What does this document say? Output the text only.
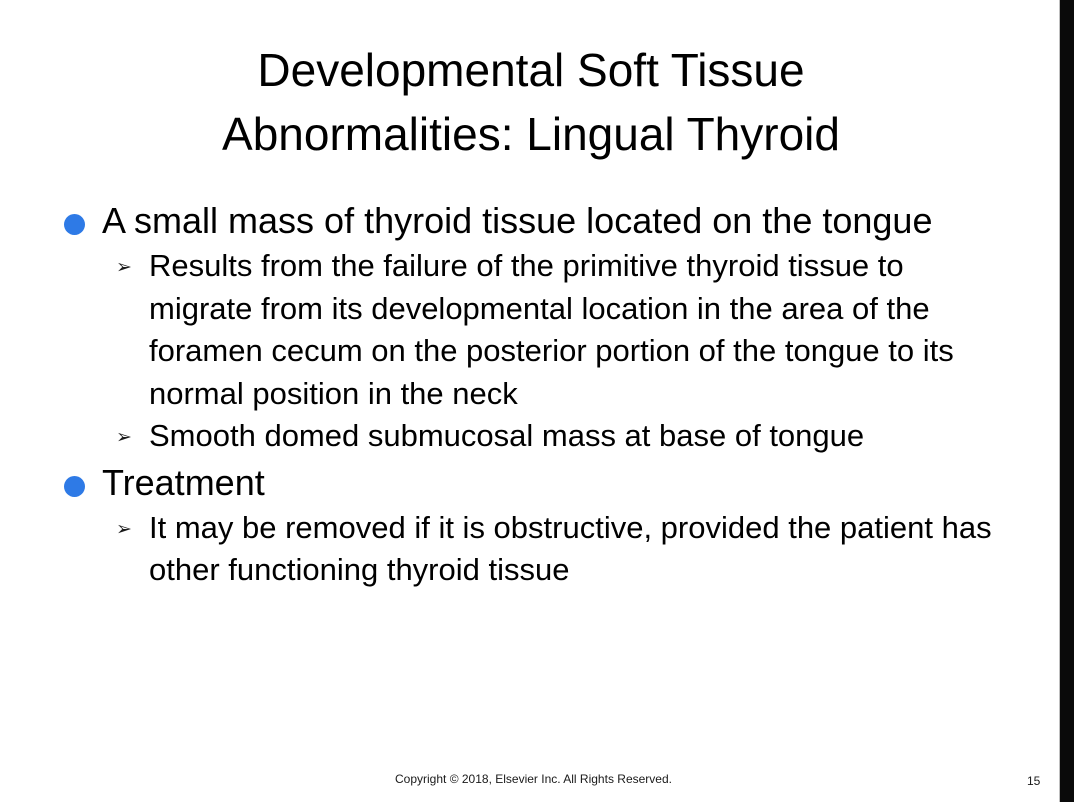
Developmental Soft Tissue
Abnormalities: Lingual Thyroid
A small mass of thyroid tissue located on the tongue
➢ Results from the failure of the primitive thyroid tissue to migrate from its developmental location in the area of the foramen cecum on the posterior portion of the tongue to its normal position in the neck
➢ Smooth domed submucosal mass at base of tongue
Treatment
➢ It may be removed if it is obstructive, provided the patient has other functioning thyroid tissue
Copyright © 2018, Elsevier Inc. All Rights Reserved.	15
